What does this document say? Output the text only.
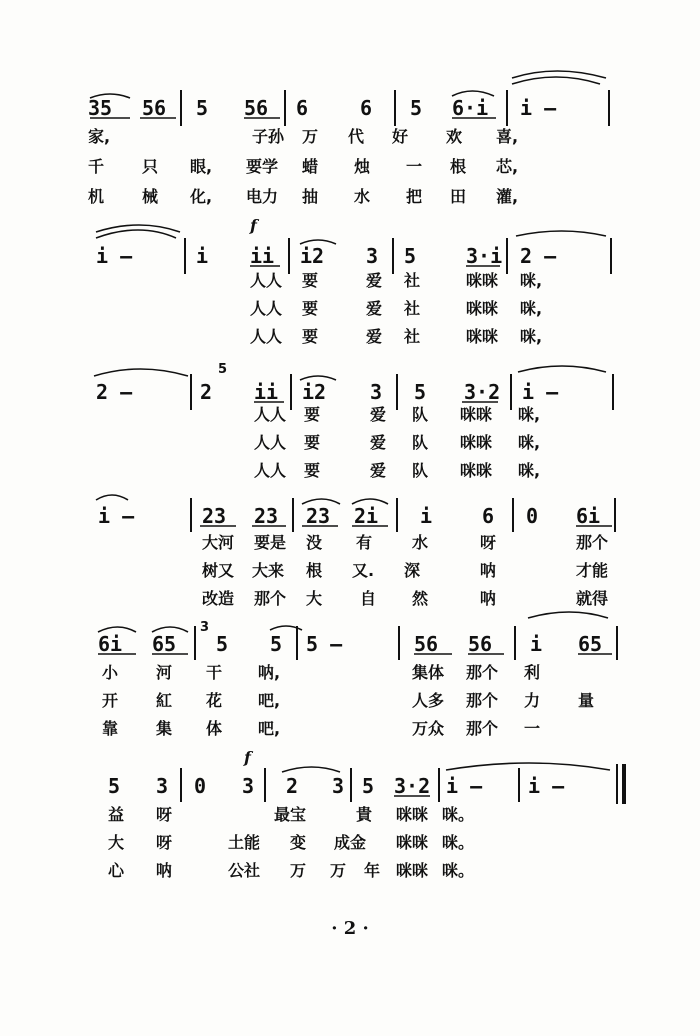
35 56 5 56 6	6 5 6·i i —
家,	子孙 万 代 好 欢 喜,
千 只 眼, 要学 蜡 烛 一 根 芯,
机 械 化, 电力 抽 水 把 田 灌,
f
i —	i ii i2 3 5 3·i 2 —
人人 要	爱 社	咪咪 咪,
人人 要	爱 社	咪咪 咪,
人人 要	爱 社	咪咪 咪,
5
2 —	2 ii i2 3 5 3·2 i —
人人 要	爱 队 咪咪 咪,
人人 要	爱 队 咪咪 咪,
人人 要	爱 队 咪咪 咪,
i —	23 23 23 2i i 6 0 6i
大河 要是 没 有 水	呀	那个
树又 大来 根 又. 深	呐	才能
改造 那个 大 自 然	呐	就得
3
6i 65 5 5 5 —	56 56 i 65
小 河 干 呐,	集体 那个 利
开 紅 花 吧,	人多 那个 力 量
靠 集 体 吧,	万众 那个 一
f
5 3 0 3 2 3 5 3·2 i — i —
益 呀	最宝	貴 咪咪 咪。
大 呀	土能 变 成金 咪咪 咪。
心 呐	公社 万 万 年 咪咪 咪。
· 2 ·
